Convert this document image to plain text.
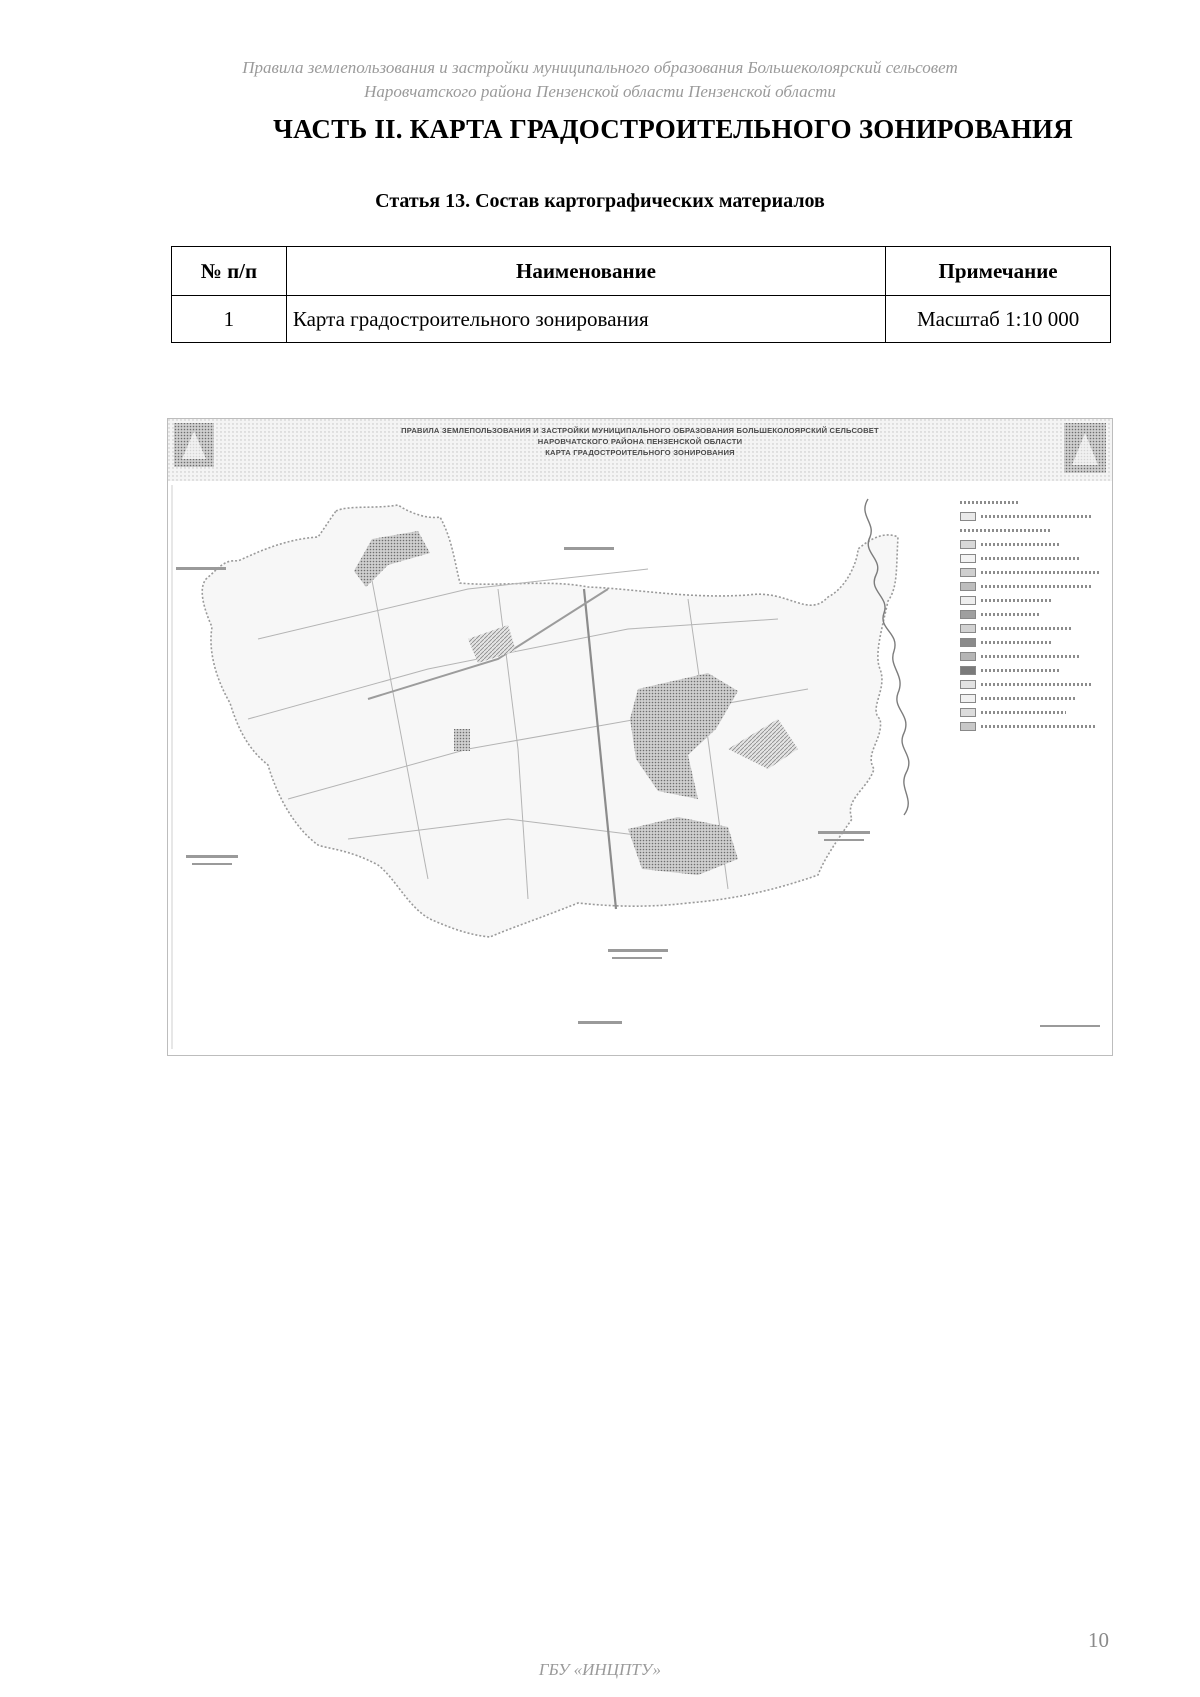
Правила землепользования и застройки муниципального образования Большеколоярский сельсовет
Наровчатского района Пензенской области Пензенской области
ЧАСТЬ II. КАРТА ГРАДОСТРОИТЕЛЬНОГО ЗОНИРОВАНИЯ
Статья 13. Состав картографических материалов
№ п/п	Наименование	Примечание
1	Карта градостроительного зонирования	Масштаб 1:10 000
ПРАВИЛА ЗЕМЛЕПОЛЬЗОВАНИЯ И ЗАСТРОЙКИ МУНИЦИПАЛЬНОГО ОБРАЗОВАНИЯ БОЛЬШЕКОЛОЯРСКИЙ СЕЛЬСОВЕТ
НАРОВЧАТСКОГО РАЙОНА ПЕНЗЕНСКОЙ ОБЛАСТИ
КАРТА ГРАДОСТРОИТЕЛЬНОГО ЗОНИРОВАНИЯ
10
ГБУ «ИНЦПТУ»
